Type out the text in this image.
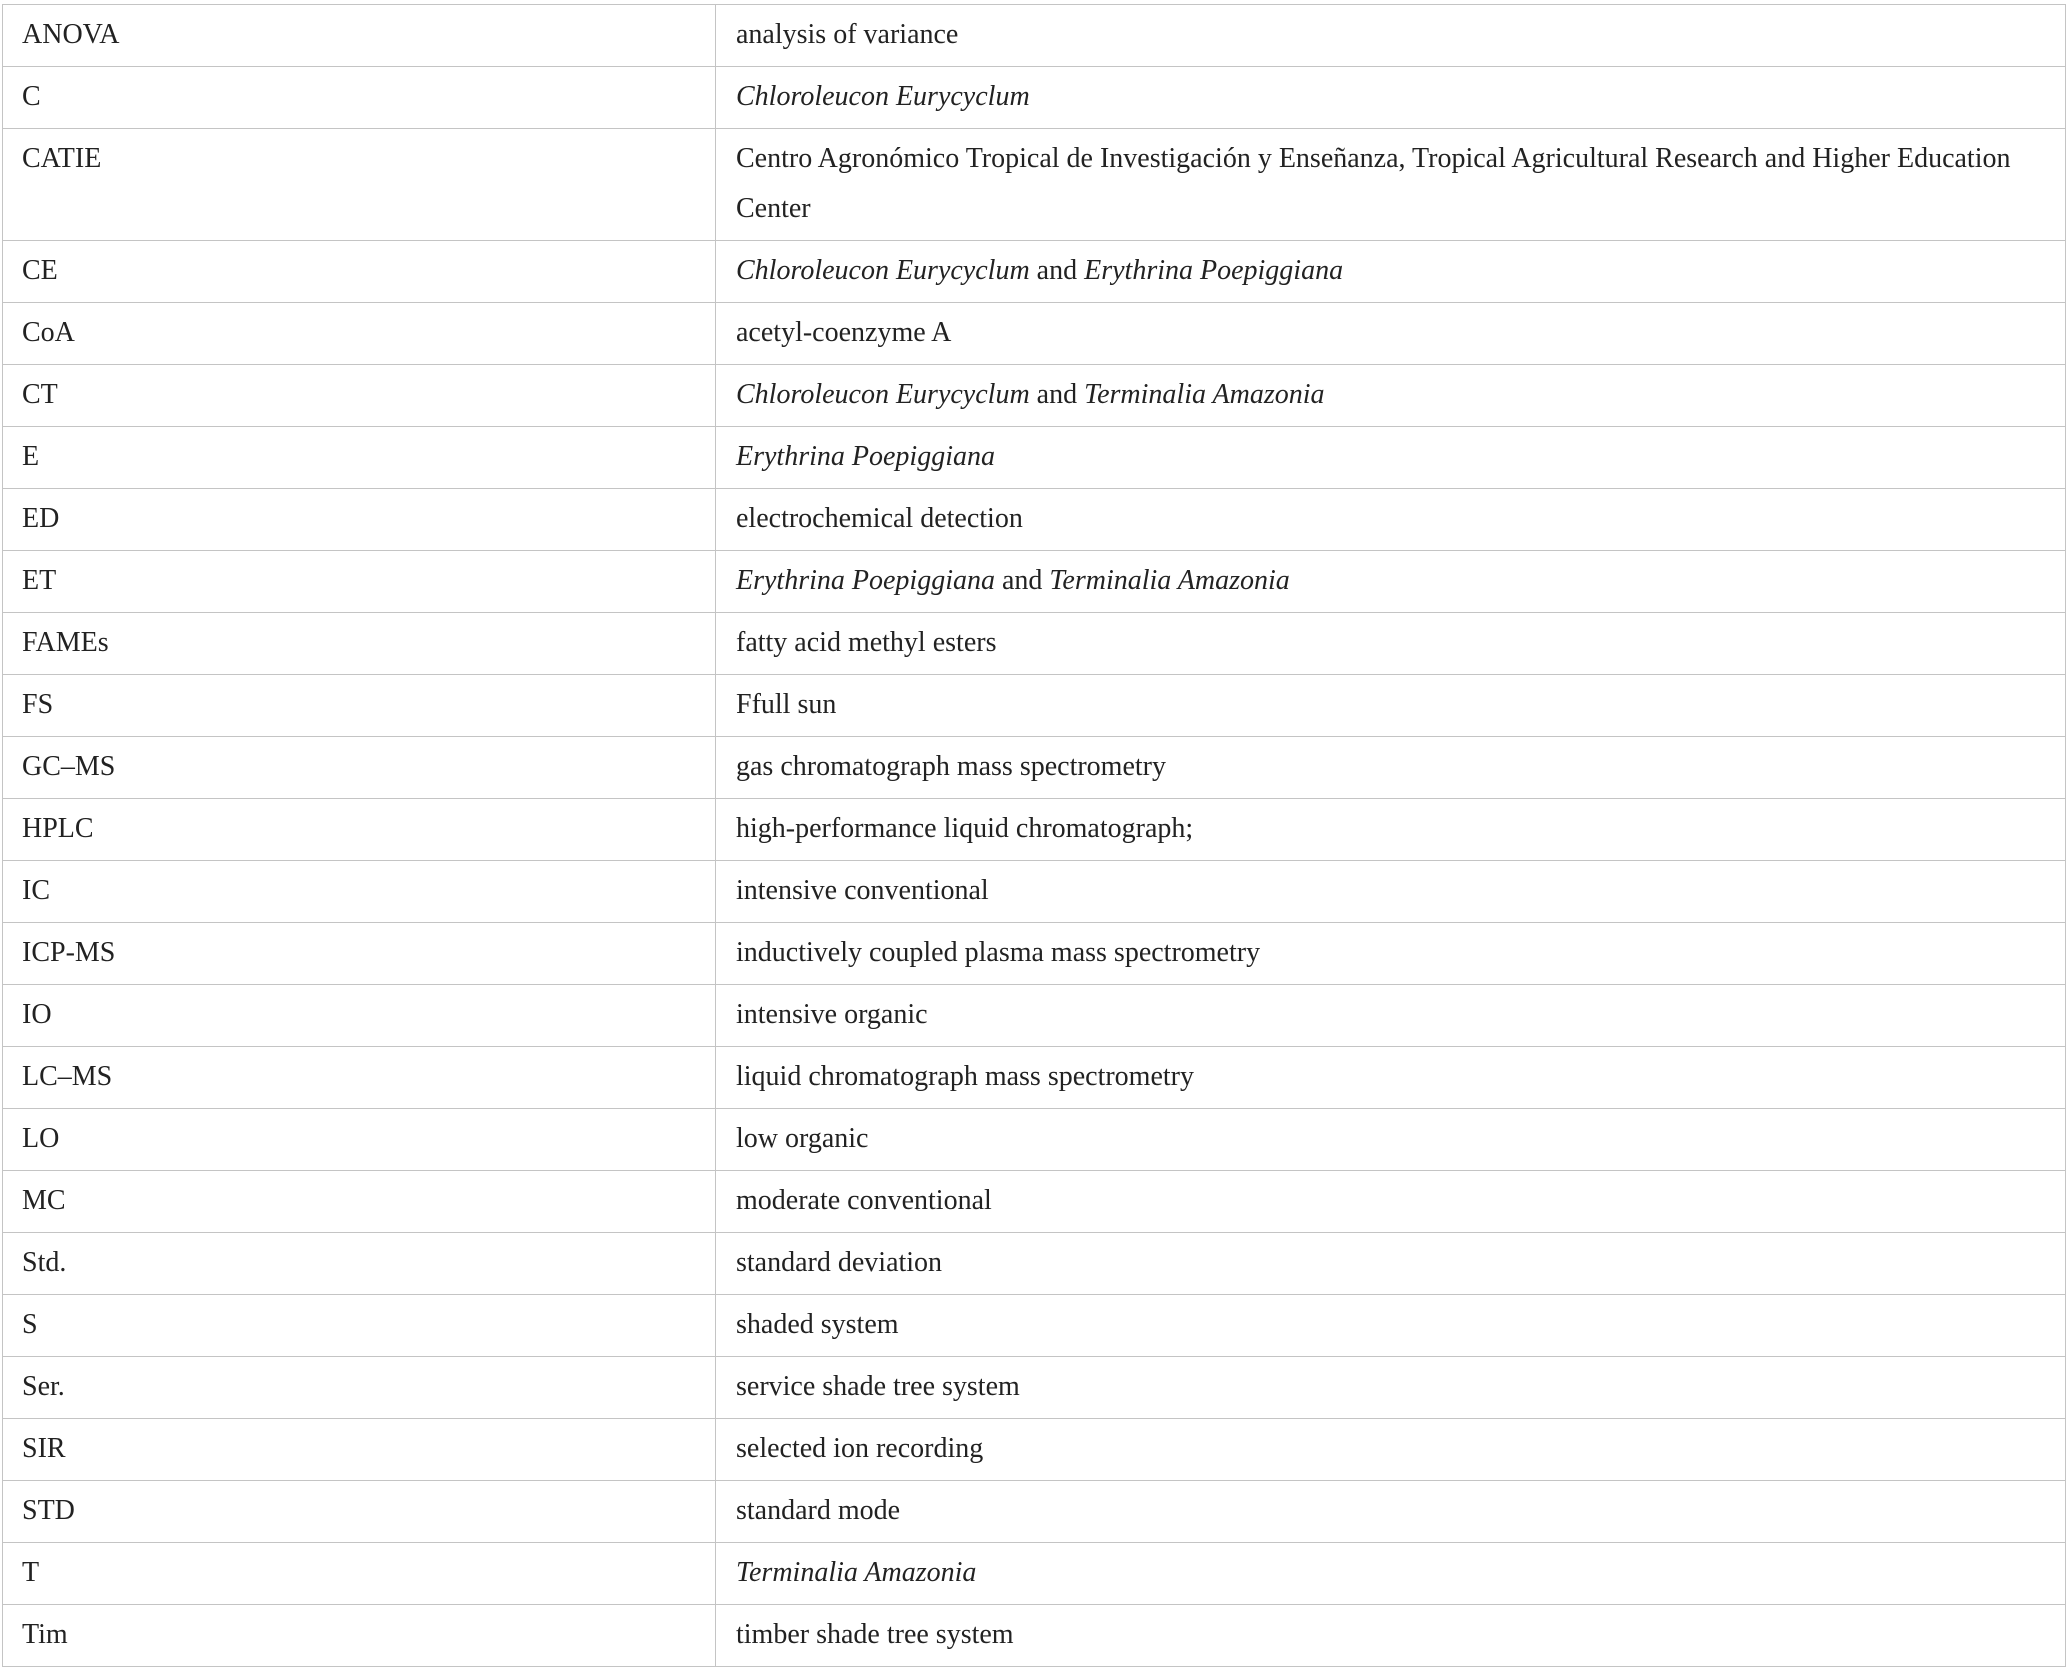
ANOVA	analysis of variance
C	Chloroleucon Eurycyclum
CATIE	Centro Agronómico Tropical de Investigación y Enseñanza, Tropical Agricultural Research and Higher Education Center
CE	Chloroleucon Eurycyclum and Erythrina Poepiggiana
CoA	acetyl-coenzyme A
CT	Chloroleucon Eurycyclum and Terminalia Amazonia
E	Erythrina Poepiggiana
ED	electrochemical detection
ET	Erythrina Poepiggiana and Terminalia Amazonia
FAMEs	fatty acid methyl esters
FS	Ffull sun
GC–MS	gas chromatograph mass spectrometry
HPLC	high-performance liquid chromatograph;
IC	intensive conventional
ICP-MS	inductively coupled plasma mass spectrometry
IO	intensive organic
LC–MS	liquid chromatograph mass spectrometry
LO	low organic
MC	moderate conventional
Std.	standard deviation
S	shaded system
Ser.	service shade tree system
SIR	selected ion recording
STD	standard mode
T	Terminalia Amazonia
Tim	timber shade tree system
